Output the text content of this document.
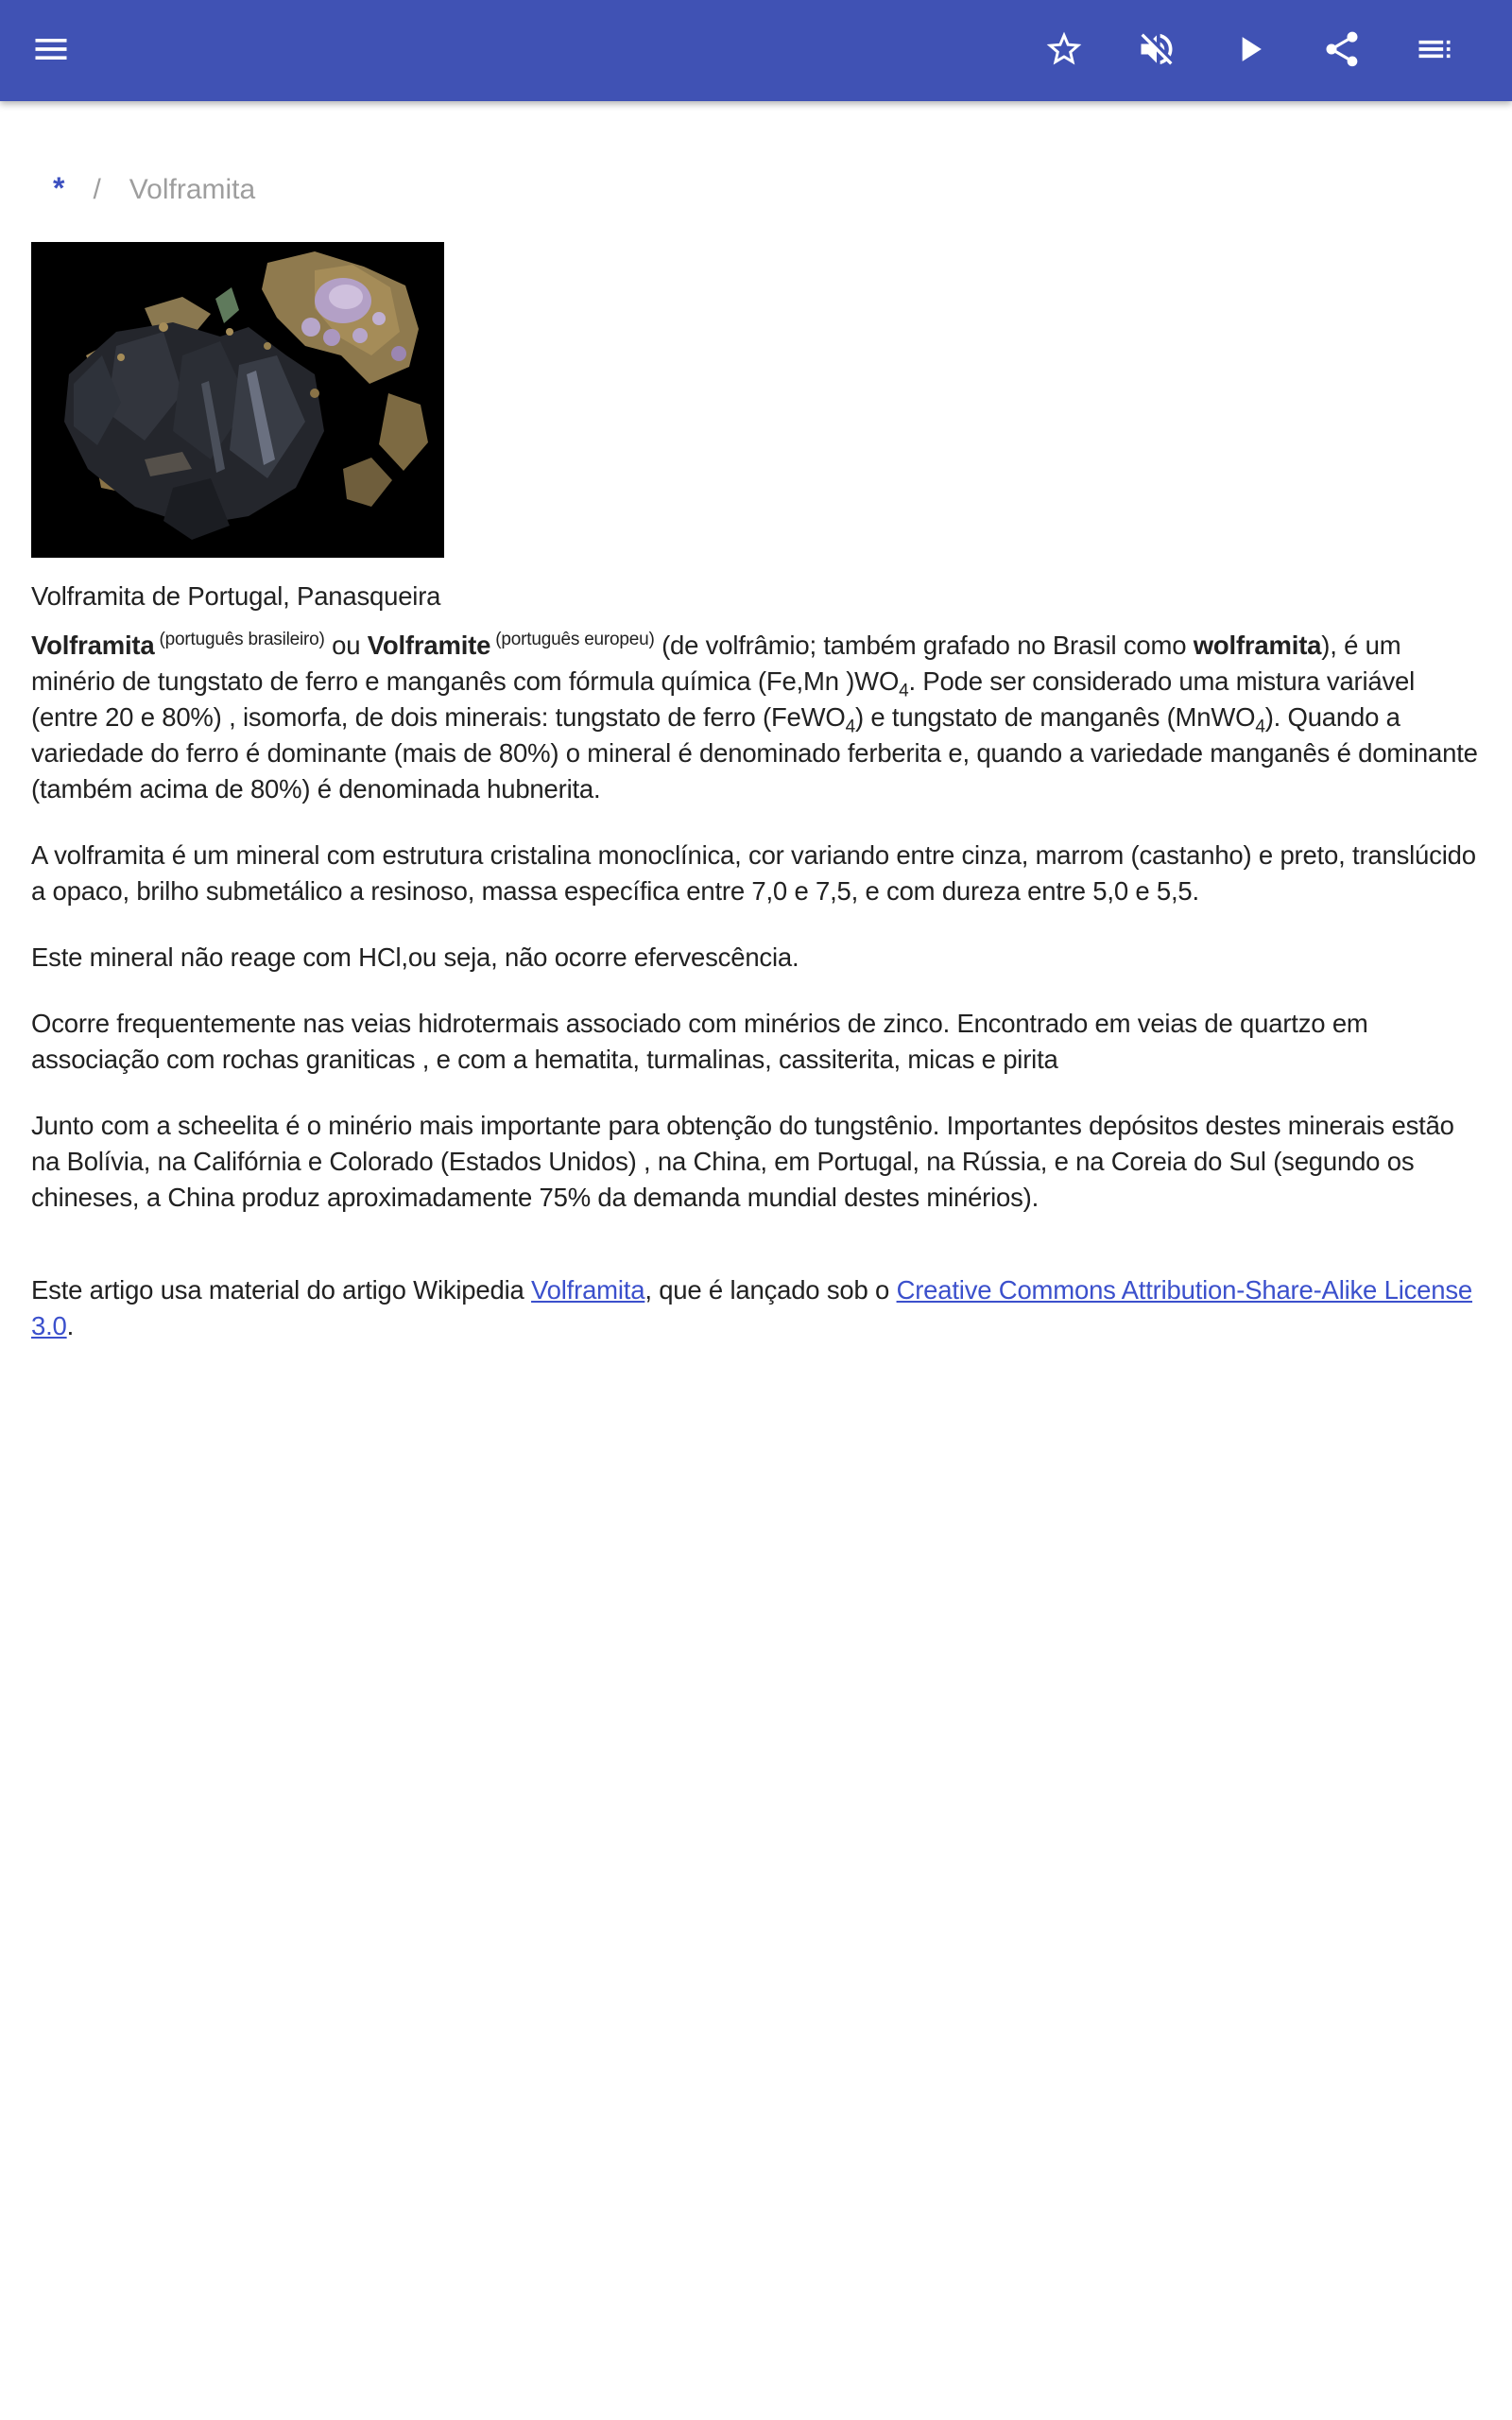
* / Volframita
Volframita de Portugal, Panasqueira

Volframita $^{(português brasileiro)}$ ou Volframite $^{(português europeu)}$ (de volfrâmio; também grafado no Brasil como wolframita), é um minério de tungstato de ferro e manganês com fórmula química (Fe,Mn )$WO_4$. Pode ser considerado uma mistura variável (entre 20 e 80%) , isomorfa, de dois minerais: tungstato de ferro (FeWO$_4$) e tungstato de manganês (MnWO$_4$). Quando a variedade do ferro é dominante (mais de 80%) o mineral é denominado ferberita e, quando a variedade manganês é dominante (também acima de 80%) é denominada hubnerita.

A volframita é um mineral com estrutura cristalina monoclínica, cor variando entre cinza, marrom (castanho) e preto, translúcido a opaco, brilho submetálico a resinoso, massa específica entre 7,0 e 7,5, e com dureza entre 5,0 e 5,5.

Este mineral não reage com HCl,ou seja, não ocorre efervescência.

Ocorre frequentemente nas veias hidrotermais associado com minérios de zinco. Encontrado em veias de quartzo em associação com rochas graniticas , e com a hematita, turmalinas, cassiterita, micas e pirita

Junto com a scheelita é o minério mais importante para obtenção do tungstênio. Importantes depósitos destes minerais estão na Bolívia, na Califórnia e Colorado (Estados Unidos) , na China, em Portugal, na Rússia, e na Coreia do Sul (segundo os chineses, a China produz aproximadamente 75% da demanda mundial destes minérios).

Este artigo usa material do artigo Wikipedia Volframita, que é lançado sob o Creative Commons Attribution-Share-Alike License 3.0.
